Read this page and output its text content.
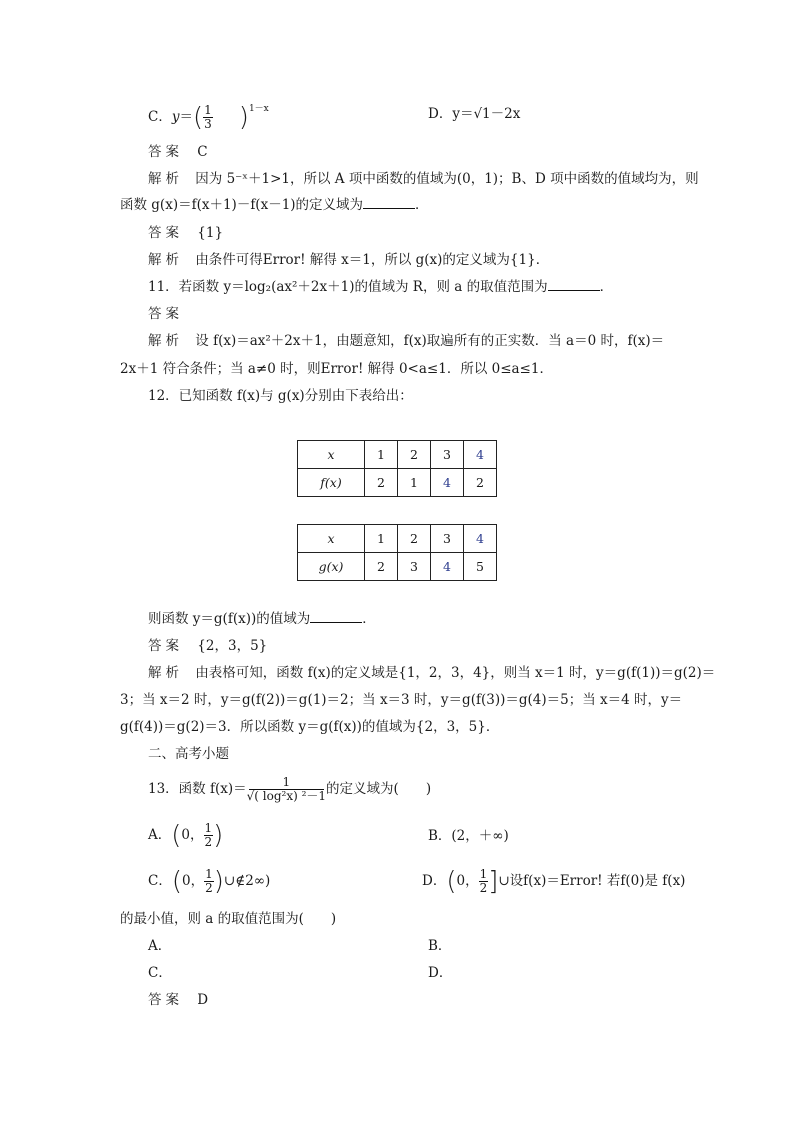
C．$y=( \frac{1}{3} )^{1-x}$	D．y＝√1－2x
答案 C
解析 因为 5⁻ˣ＋1>1，所以 A 项中函数的值域为(0，1)；B、D 项中函数的值域均为，则
函数 g(x)＝f(x＋1)－f(x－1)的定义域为	．
答案 {1}
解析 由条件可得Error! 解得 x＝1，所以 g(x)的定义域为{1}．
11．若函数 y＝log₂(ax²＋2x＋1)的值域为 R，则 a 的取值范围为	．
答案
解析 设 f(x)＝ax²＋2x＋1，由题意知，f(x)取遍所有的正实数．当 a＝0 时，f(x)＝
2x＋1 符合条件；当 a≠0 时，则Error! 解得 0<a≤1．所以 0≤a≤1．
12．已知函数 f(x)与 g(x)分别由下表给出：
x	1	2	3	4
f(x)	2	1	4	2
x	1	2	3	4
g(x)	2	3	4	5
则函数 y＝g(f(x))的值域为	．
答案 {2，3，5}
解析 由表格可知，函数 f(x)的定义域是{1，2，3，4}，则当 x＝1 时，y＝g(f(1))＝g(2)＝
3；当 x＝2 时，y＝g(f(2))＝g(1)＝2；当 x＝3 时，y＝g(f(3))＝g(4)＝5；当 x＝4 时，y＝
g(f(4))＝g(2)＝3．所以函数 y＝g(f(x))的值域为{2，3，5}．
二、高考小题
13．函数 $f(x)= \frac{1}{\text{√( log²x) ²－1}}$ 的定义域为(　　)
A．(0， $\frac{1}{2}$ )	B．(2，＋∞)
C．(0， $\frac{1}{2}$ )∪∉2∞)	D．(0， $\frac{1}{2}$ ]∪设f(x)＝Error! 若f(0)是 f(x)
的最小值，则 a 的取值范围为(　　)
A．	B．
C．	D．
答案 D
